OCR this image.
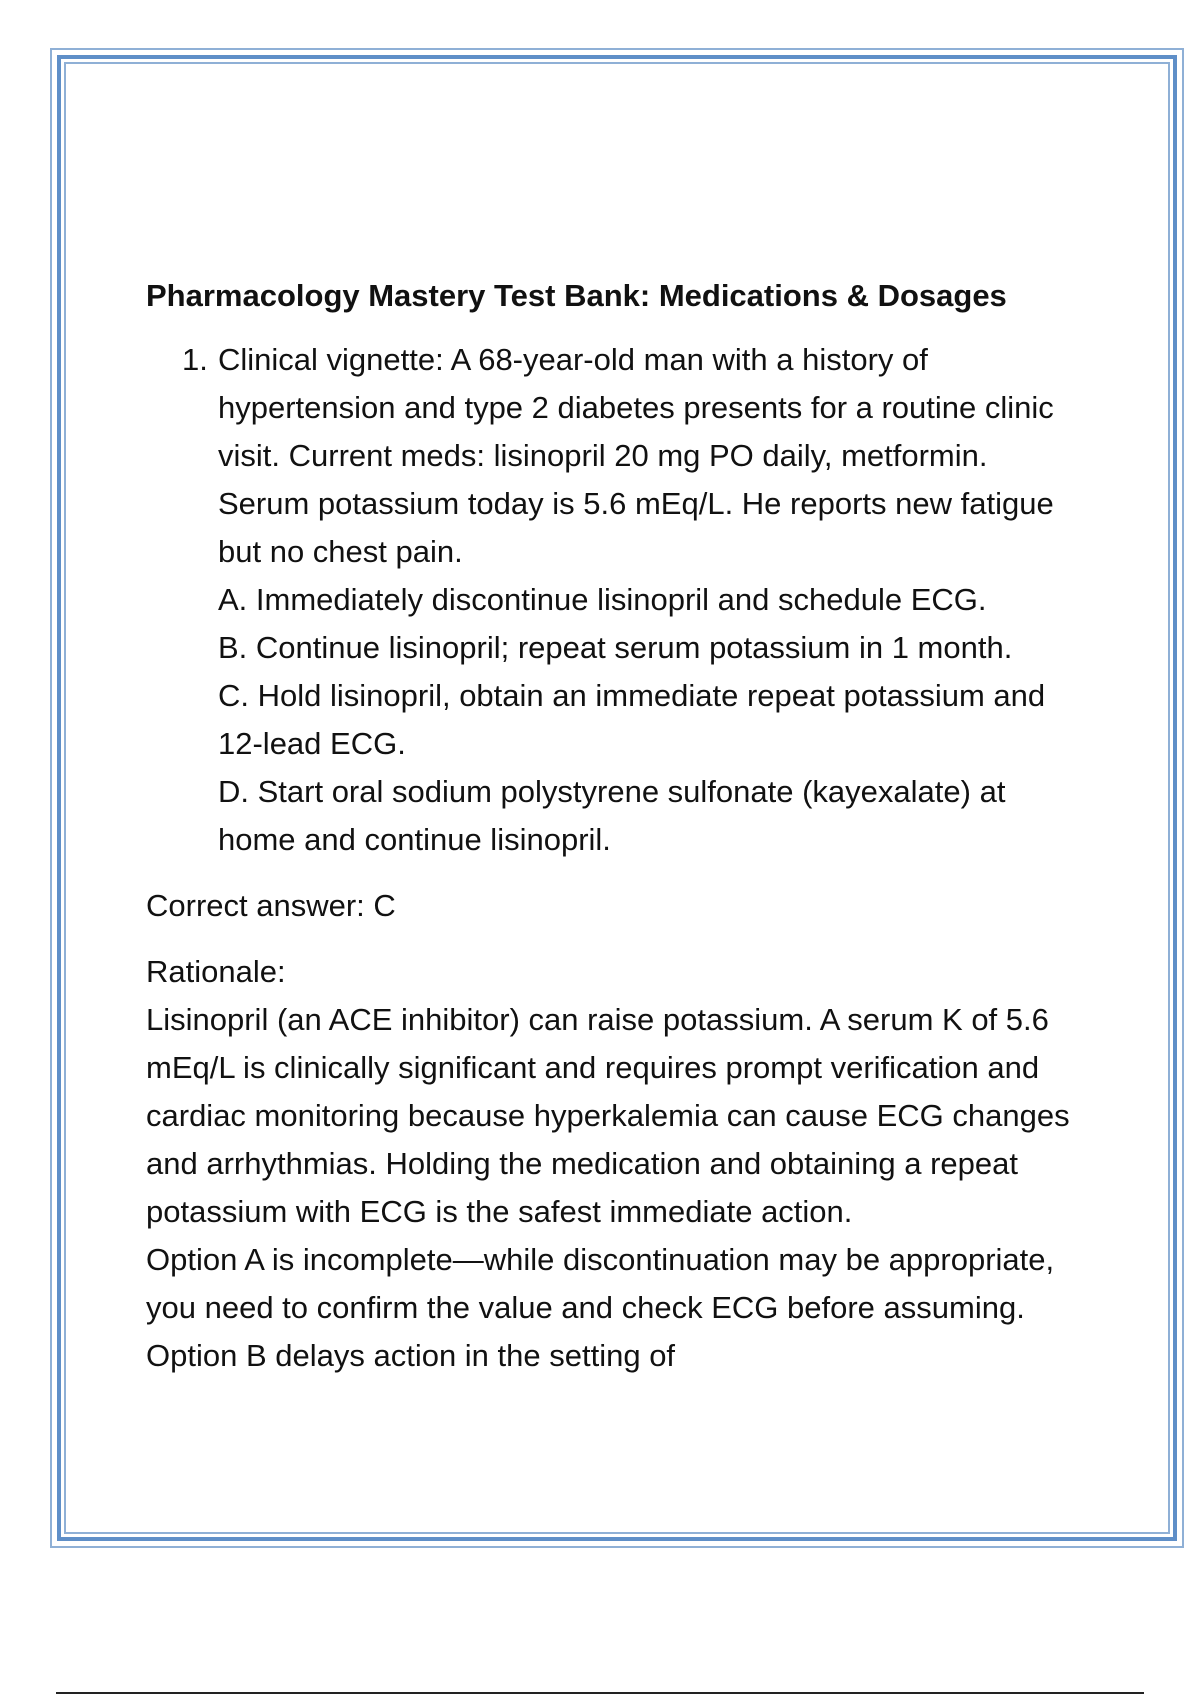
Pharmacology Mastery Test Bank: Medications & Dosages
1. Clinical vignette: A 68-year-old man with a history of hypertension and type 2 diabetes presents for a routine clinic visit. Current meds: lisinopril 20 mg PO daily, metformin. Serum potassium today is 5.6 mEq/L. He reports new fatigue but no chest pain.

A. Immediately discontinue lisinopril and schedule ECG.

B. Continue lisinopril; repeat serum potassium in 1 month.

C. Hold lisinopril, obtain an immediate repeat potassium and 12-lead ECG.

D. Start oral sodium polystyrene sulfonate (kayexalate) at home and continue lisinopril.

Correct answer: C

Rationale:

Lisinopril (an ACE inhibitor) can raise potassium. A serum K of 5.6 mEq/L is clinically significant and requires prompt verification and cardiac monitoring because hyperkalemia can cause ECG changes and arrhythmias. Holding the medication and obtaining a repeat potassium with ECG is the safest immediate action.

Option A is incomplete—while discontinuation may be appropriate, you need to confirm the value and check ECG before assuming. Option B delays action in the setting of
